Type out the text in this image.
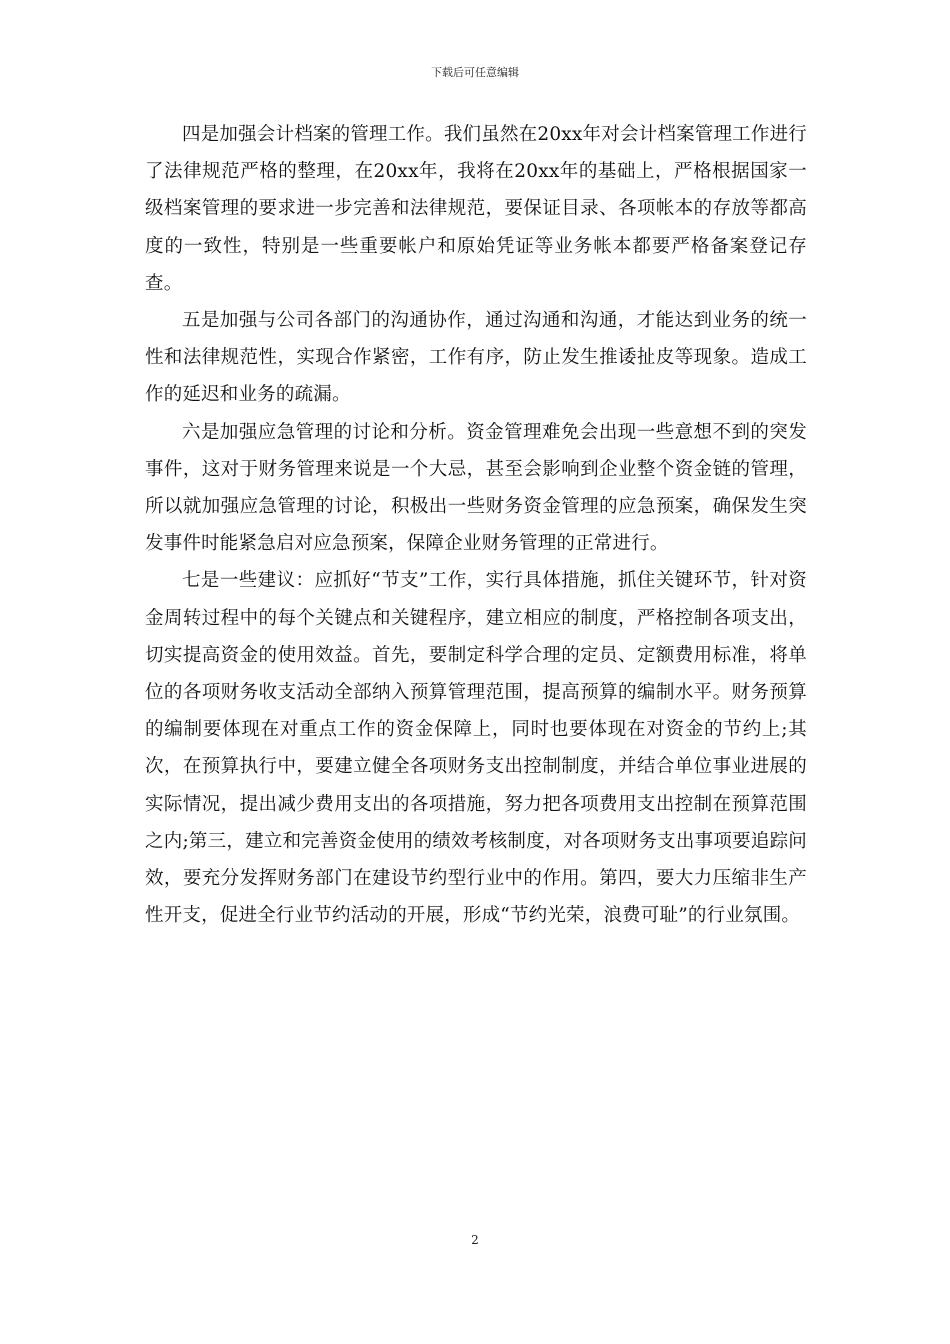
下载后可任意编辑

四是加强会计档案的管理工作。我们虽然在20xx年对会计档案管理工作进行了法律规范严格的整理，在20xx年，我将在20xx年的基础上，严格根据国家一级档案管理的要求进一步完善和法律规范，要保证目录、各项帐本的存放等都高度的一致性，特别是一些重要帐户和原始凭证等业务帐本都要严格备案登记存查。

五是加强与公司各部门的沟通协作，通过沟通和沟通，才能达到业务的统一性和法律规范性，实现合作紧密，工作有序，防止发生推诿扯皮等现象。造成工作的延迟和业务的疏漏。

六是加强应急管理的讨论和分析。资金管理难免会出现一些意想不到的突发事件，这对于财务管理来说是一个大忌，甚至会影响到企业整个资金链的管理，所以就加强应急管理的讨论，积极出一些财务资金管理的应急预案，确保发生突发事件时能紧急启对应急预案，保障企业财务管理的正常进行。

七是一些建议：应抓好“节支”工作，实行具体措施，抓住关键环节，针对资金周转过程中的每个关键点和关键程序，建立相应的制度，严格控制各项支出，切实提高资金的使用效益。首先，要制定科学合理的定员、定额费用标准，将单位的各项财务收支活动全部纳入预算管理范围，提高预算的编制水平。财务预算的编制要体现在对重点工作的资金保障上，同时也要体现在对资金的节约上;其次，在预算执行中，要建立健全各项财务支出控制制度，并结合单位事业进展的实际情况，提出减少费用支出的各项措施，努力把各项费用支出控制在预算范围之内;第三，建立和完善资金使用的绩效考核制度，对各项财务支出事项要追踪问效，要充分发挥财务部门在建设节约型行业中的作用。第四，要大力压缩非生产性开支，促进全行业节约活动的开展，形成“节约光荣，浪费可耻”的行业氛围。

2
